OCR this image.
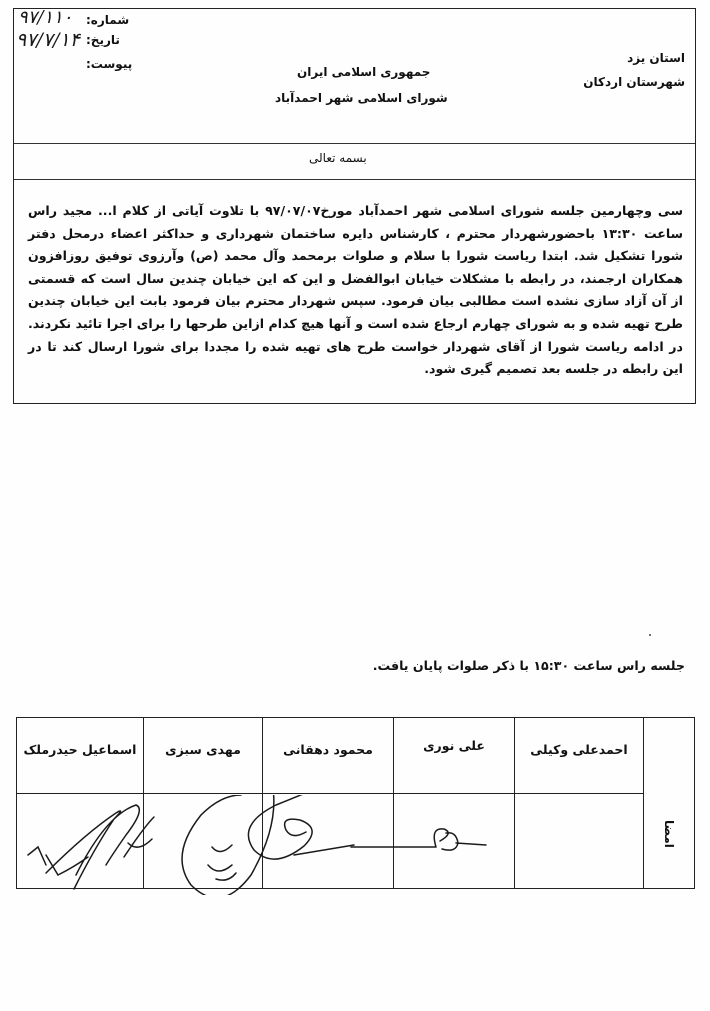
شماره:
۹۷/۱۱۰
تاریخ:
۹۷/۷/۱۴
پیوست:
جمهوری اسلامی ایران
شورای اسلامی شهر احمدآباد
استان یزد
شهرستان اردکان
بسمه تعالی

سی وچهارمین جلسه شورای اسلامی شهر احمدآباد مورخ۹۷/۰۷/۰۷ با تلاوت آیاتی از کلام ا... مجید راس ساعت ۱۳:۳۰ باحضورشهردار محترم ، کارشناس دایره ساختمان شهرداری و حداکثر اعضاء درمحل دفتر شورا تشکیل شد. ابتدا ریاست شورا با سلام و صلوات برمحمد وآل محمد (ص) وآرزوی توفیق روزافزون همکاران ارجمند، در رابطه با مشکلات خیابان ابوالفضل و این که این خیابان چندین سال است که قسمتی از آن آزاد سازی نشده است مطالبی بیان فرمود. سپس شهردار محترم بیان فرمود بابت این خیابان چندین طرح تهیه شده و به شورای چهارم ارجاع شده است و آنها هیچ کدام ازاین طرحها را برای اجرا تائید نکردند. در ادامه ریاست شورا از آقای شهردار خواست طرح های تهیه شده را مجددا برای شورا ارسال کند تا در این رابطه در جلسه بعد تصمیم گیری شود.

جلسه راس ساعت ۱۵:۳۰ با ذکر صلوات پایان یافت.
امضا	احمدعلی وکیلی	علی نوری	محمود دهقانی	مهدی سبزی	اسماعیل حیدرملک
